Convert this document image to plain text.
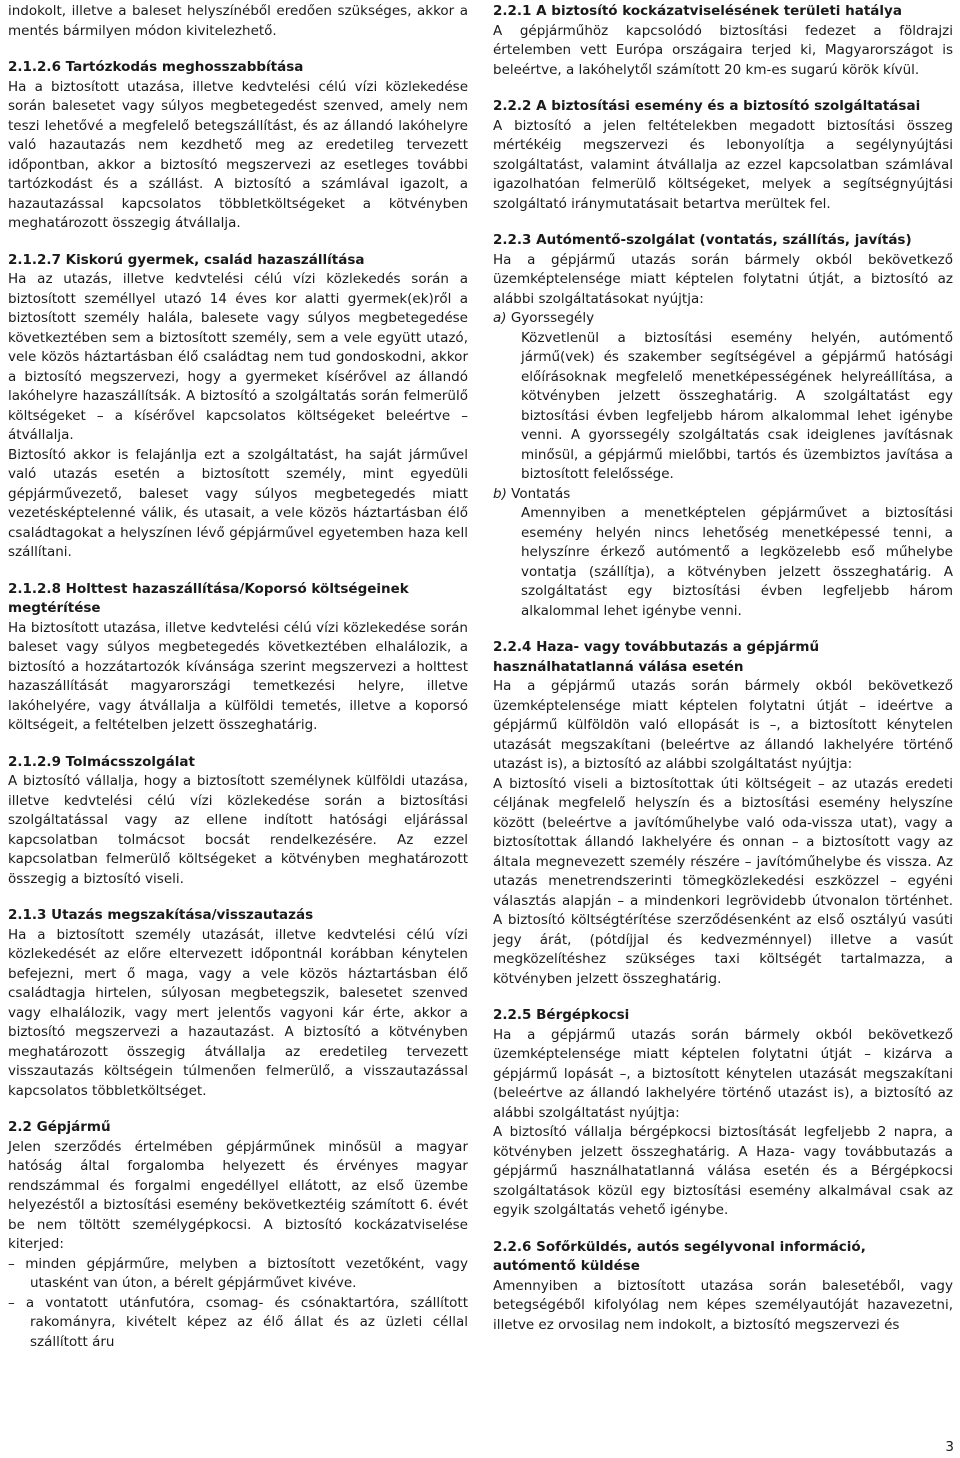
indokolt, illetve a baleset helyszínéből eredően szükséges, akkor a mentés bármilyen módon kivitelezhető.

2.1.2.6 Tartózkodás meghosszabbítása

Ha a biztosított utazása, illetve kedvtelési célú vízi közlekedése során balesetet vagy súlyos megbetegedést szenved, amely nem teszi lehetővé a megfelelő betegszállítást, és az állandó lakóhelyre való hazautazás nem kezdhető meg az eredetileg tervezett időpontban, akkor a biztosító megszervezi az esetleges további tartózkodást és a szállást. A biztosító a számlával igazolt, a hazautazással kapcsolatos többletköltségeket a kötvényben meghatározott összegig átvállalja.

2.1.2.7 Kiskorú gyermek, család hazaszállítása

Ha az utazás, illetve kedvtelési célú vízi közlekedés során a biztosított személlyel utazó 14 éves kor alatti gyermek(ek)ről a biztosított személy halála, balesete vagy súlyos megbetegedése következtében sem a biztosított személy, sem a vele együtt utazó, vele közös háztartásban élő családtag nem tud gondoskodni, akkor a biztosító megszervezi, hogy a gyermeket kísérővel az állandó lakóhelyre hazaszállítsák. A biztosító a szolgáltatás során felmerülő költségeket – a kísérővel kapcsolatos költségeket beleértve – átvállalja.

Biztosító akkor is felajánlja ezt a szolgáltatást, ha saját járművel való utazás esetén a biztosított személy, mint egyedüli gépjárművezető, baleset vagy súlyos megbetegedés miatt vezetésképtelenné válik, és utasait, a vele közös háztartásban élő családtagokat a helyszínen lévő gépjárművel egyetemben haza kell szállítani.

2.1.2.8 Holttest hazaszállítása/Koporsó költségeinek megtérítése

Ha biztosított utazása, illetve kedvtelési célú vízi közlekedése során baleset vagy súlyos megbetegedés következtében elhalálozik, a biztosító a hozzátartozók kívánsága szerint megszervezi a holttest hazaszállítását magyarországi temetkezési helyre, illetve lakóhelyére, vagy átvállalja a külföldi temetés, illetve a koporsó költségeit, a feltételben jelzett összeghatárig.

2.1.2.9 Tolmácsszolgálat

A biztosító vállalja, hogy a biztosított személynek külföldi utazása, illetve kedvtelési célú vízi közlekedése során a biztosítási szolgáltatással vagy az ellene indított hatósági eljárással kapcsolatban tolmácsot bocsát rendelkezésére. Az ezzel kapcsolatban felmerülő költségeket a kötvényben meghatározott összegig a biztosító viseli.

2.1.3 Utazás megszakítása/visszautazás

Ha a biztosított személy utazását, illetve kedvtelési célú vízi közlekedését az előre eltervezett időpontnál korábban kénytelen befejezni, mert ő maga, vagy a vele közös háztartásban élő családtagja hirtelen, súlyosan megbetegszik, balesetet szenved vagy elhalálozik, vagy mert jelentős vagyoni kár érte, akkor a biztosító megszervezi a hazautazást. A biztosító a kötvényben meghatározott összegig átvállalja az eredetileg tervezett visszautazás költségein túlmenően felmerülő, a visszautazással kapcsolatos többletköltséget.

2.2 Gépjármű

Jelen szerződés értelmében gépjárműnek minősül a magyar hatóság által forgalomba helyezett és érvényes magyar rendszámmal és forgalmi engedéllyel ellátott, az első üzembe helyezéstől a biztosítási esemény bekövetkeztéig számított 6. évét be nem töltött személygépkocsi. A biztosító kockázatviselése kiterjed:

– minden gépjárműre, melyben a biztosított vezetőként, vagy utasként van úton, a bérelt gépjárművet kivéve.

– a vontatott utánfutóra, csomag- és csónaktartóra, szállított rakományra, kivételt képez az élő állat és az üzleti céllal szállított áru

2.2.1 A biztosító kockázatviselésének területi hatálya

A gépjárműhöz kapcsolódó biztosítási fedezet a földrajzi értelemben vett Európa országaira terjed ki, Magyarországot is beleértve, a lakóhelytől számított 20 km-es sugarú körök kívül.

2.2.2 A biztosítási esemény és a biztosító szolgáltatásai

A biztosító a jelen feltételekben megadott biztosítási összeg mértékéig megszervezi és lebonyolítja a segélynyújtási szolgáltatást, valamint átvállalja az ezzel kapcsolatban számlával igazolhatóan felmerülő költségeket, melyek a segítségnyújtási szolgáltató iránymutatásait betartva merültek fel.

2.2.3 Autómentő-szolgálat (vontatás, szállítás, javítás)

Ha a gépjármű utazás során bármely okból bekövetkező üzemképtelensége miatt képtelen folytatni útját, a biztosító az alábbi szolgáltatásokat nyújtja:

a) Gyorssegély

Közvetlenül a biztosítási esemény helyén, autómentő jármű(vek) és szakember segítségével a gépjármű hatósági előírásoknak megfelelő menetképességének helyreállítása, a kötvényben jelzett összeghatárig. A szolgáltatást egy biztosítási évben legfeljebb három alkalommal lehet igénybe venni. A gyorssegély szolgáltatás csak ideiglenes javításnak minősül, a gépjármű mielőbbi, tartós és üzembiztos javítása a biztosított felelőssége.

b) Vontatás

Amennyiben a menetképtelen gépjárművet a biztosítási esemény helyén nincs lehetőség menetképessé tenni, a helyszínre érkező autómentő a legközelebb eső műhelybe vontatja (szállítja), a kötvényben jelzett összeghatárig. A szolgáltatást egy biztosítási évben legfeljebb három alkalommal lehet igénybe venni.

2.2.4 Haza- vagy továbbutazás a gépjármű használhatatlanná válása esetén

Ha a gépjármű utazás során bármely okból bekövetkező üzemképtelensége miatt képtelen folytatni útját – ideértve a gépjármű külföldön való ellopását is –, a biztosított kénytelen utazását megszakítani (beleértve az állandó lakhelyére történő utazást is), a biztosító az alábbi szolgáltatást nyújtja:

A biztosító viseli a biztosítottak úti költségeit – az utazás eredeti céljának megfelelő helyszín és a biztosítási esemény helyszíne között (beleértve a javítóműhelybe való oda-vissza utat), vagy a biztosítottak állandó lakhelyére és onnan – a biztosított vagy az általa megnevezett személy részére – javítóműhelybe és vissza. Az utazás menetrendszerinti tömegközlekedési eszközzel – egyéni választás alapján – a mindenkori legrövidebb útvonalon történhet. A biztosító költségtérítése szerződésenként az első osztályú vasúti jegy árát, (pótdíjjal és kedvezménnyel) illetve a vasút megközelítéshez szükséges taxi költségét tartalmazza, a kötvényben jelzett összeghatárig.

2.2.5 Bérgépkocsi

Ha a gépjármű utazás során bármely okból bekövetkező üzemképtelensége miatt képtelen folytatni útját – kizárva a gépjármű lopását –, a biztosított kénytelen utazását megszakítani (beleértve az állandó lakhelyére történő utazást is), a biztosító az alábbi szolgáltatást nyújtja:

A biztosító vállalja bérgépkocsi biztosítását legfeljebb 2 napra, a kötvényben jelzett összeghatárig. A Haza- vagy továbbutazás a gépjármű használhatatlanná válása esetén és a Bérgépkocsi szolgáltatások közül egy biztosítási esemény alkalmával csak az egyik szolgáltatás vehető igénybe.

2.2.6 Sofőrküldés, autós segélyvonal információ, autómentő küldése

Amennyiben a biztosított utazása során balesetéből, vagy betegségéből kifolyólag nem képes személyautóját hazavezetni, illetve ez orvosilag nem indokolt, a biztosító megszervezi és

3
